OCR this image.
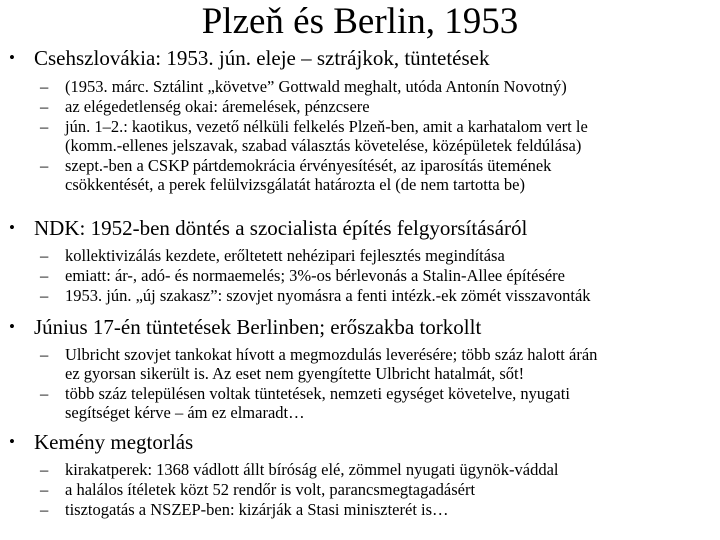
Plzeň és Berlin, 1953
• Csehszlovákia: 1953. jún. eleje – sztrájkok, tüntetések
– (1953. márc. Sztálint „követve” Gottwald meghalt, utóda Antonín Novotný)
– az elégedetlenség okai: áremelések, pénzcsere
– jún. 1–2.: kaotikus, vezető nélküli felkelés Plzeň-ben, amit a karhatalom vert le
(komm.-ellenes jelszavak, szabad választás követelése, középületek feldúlása)
– szept.-ben a CSKP pártdemokrácia érvényesítését, az iparosítás ütemének
csökkentését, a perek felülvizsgálatát határozta el (de nem tartotta be)
• NDK: 1952-ben döntés a szocialista építés felgyorsításáról
– kollektivizálás kezdete, erőltetett nehézipari fejlesztés megindítása
– emiatt: ár-, adó- és normaemelés; 3%-os bérlevonás a Stalin-Allee építésére
– 1953. jún. „új szakasz”: szovjet nyomásra a fenti intézk.-ek zömét visszavonták
• Június 17-én tüntetések Berlinben; erőszakba torkollt
– Ulbricht szovjet tankokat hívott a megmozdulás leverésére; több száz halott árán
ez gyorsan sikerült is. Az eset nem gyengítette Ulbricht hatalmát, sőt!
– több száz településen voltak tüntetések, nemzeti egységet követelve, nyugati
segítséget kérve – ám ez elmaradt…
• Kemény megtorlás
– kirakatperek: 1368 vádlott állt bíróság elé, zömmel nyugati ügynök-váddal
– a halálos ítéletek közt 52 rendőr is volt, parancsmegtagadásért
– tisztogatás a NSZEP-ben: kizárják a Stasi miniszterét is…
